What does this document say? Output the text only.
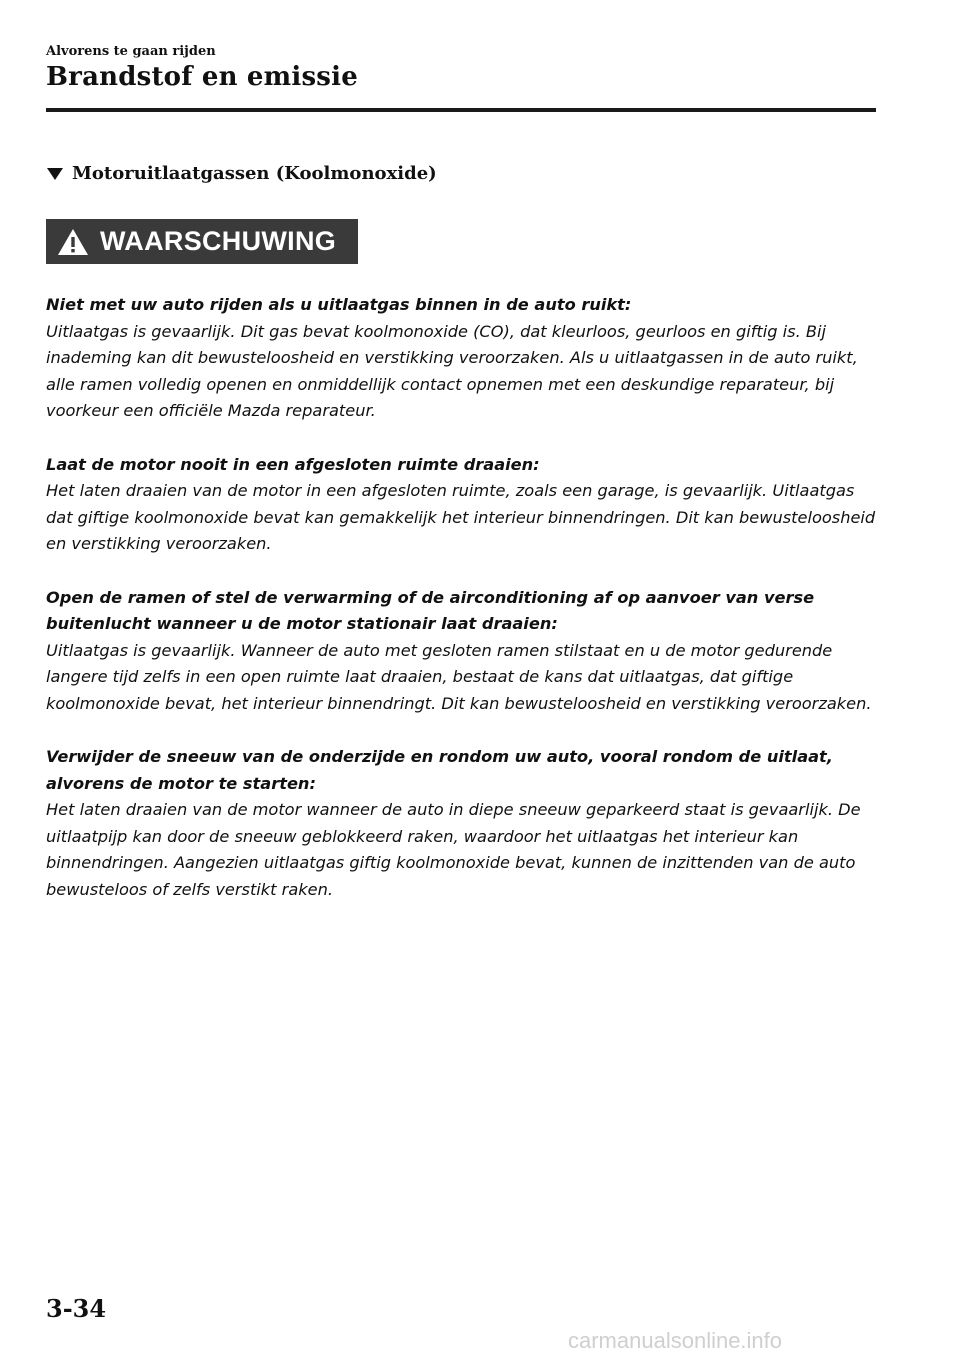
Alvorens te gaan rijden
Brandstof en emissie
Motoruitlaatgassen (Koolmonoxide)
WAARSCHUWING
Niet met uw auto rijden als u uitlaatgas binnen in de auto ruikt:
Uitlaatgas is gevaarlijk. Dit gas bevat koolmonoxide (CO), dat kleurloos, geurloos en giftig is. Bij inademing kan dit bewusteloosheid en verstikking veroorzaken. Als u uitlaatgassen in de auto ruikt, alle ramen volledig openen en onmiddellijk contact opnemen met een deskundige reparateur, bij voorkeur een officiële Mazda reparateur.
Laat de motor nooit in een afgesloten ruimte draaien:
Het laten draaien van de motor in een afgesloten ruimte, zoals een garage, is gevaarlijk. Uitlaatgas dat giftige koolmonoxide bevat kan gemakkelijk het interieur binnendringen. Dit kan bewusteloosheid en verstikking veroorzaken.
Open de ramen of stel de verwarming of de airconditioning af op aanvoer van verse buitenlucht wanneer u de motor stationair laat draaien:
Uitlaatgas is gevaarlijk. Wanneer de auto met gesloten ramen stilstaat en u de motor gedurende langere tijd zelfs in een open ruimte laat draaien, bestaat de kans dat uitlaatgas, dat giftige koolmonoxide bevat, het interieur binnendringt. Dit kan bewusteloosheid en verstikking veroorzaken.
Verwijder de sneeuw van de onderzijde en rondom uw auto, vooral rondom de uitlaat, alvorens de motor te starten:
Het laten draaien van de motor wanneer de auto in diepe sneeuw geparkeerd staat is gevaarlijk. De uitlaatpijp kan door de sneeuw geblokkeerd raken, waardoor het uitlaatgas het interieur kan binnendringen. Aangezien uitlaatgas giftig koolmonoxide bevat, kunnen de inzittenden van de auto bewusteloos of zelfs verstikt raken.
3-34
carmanualsonline.info
